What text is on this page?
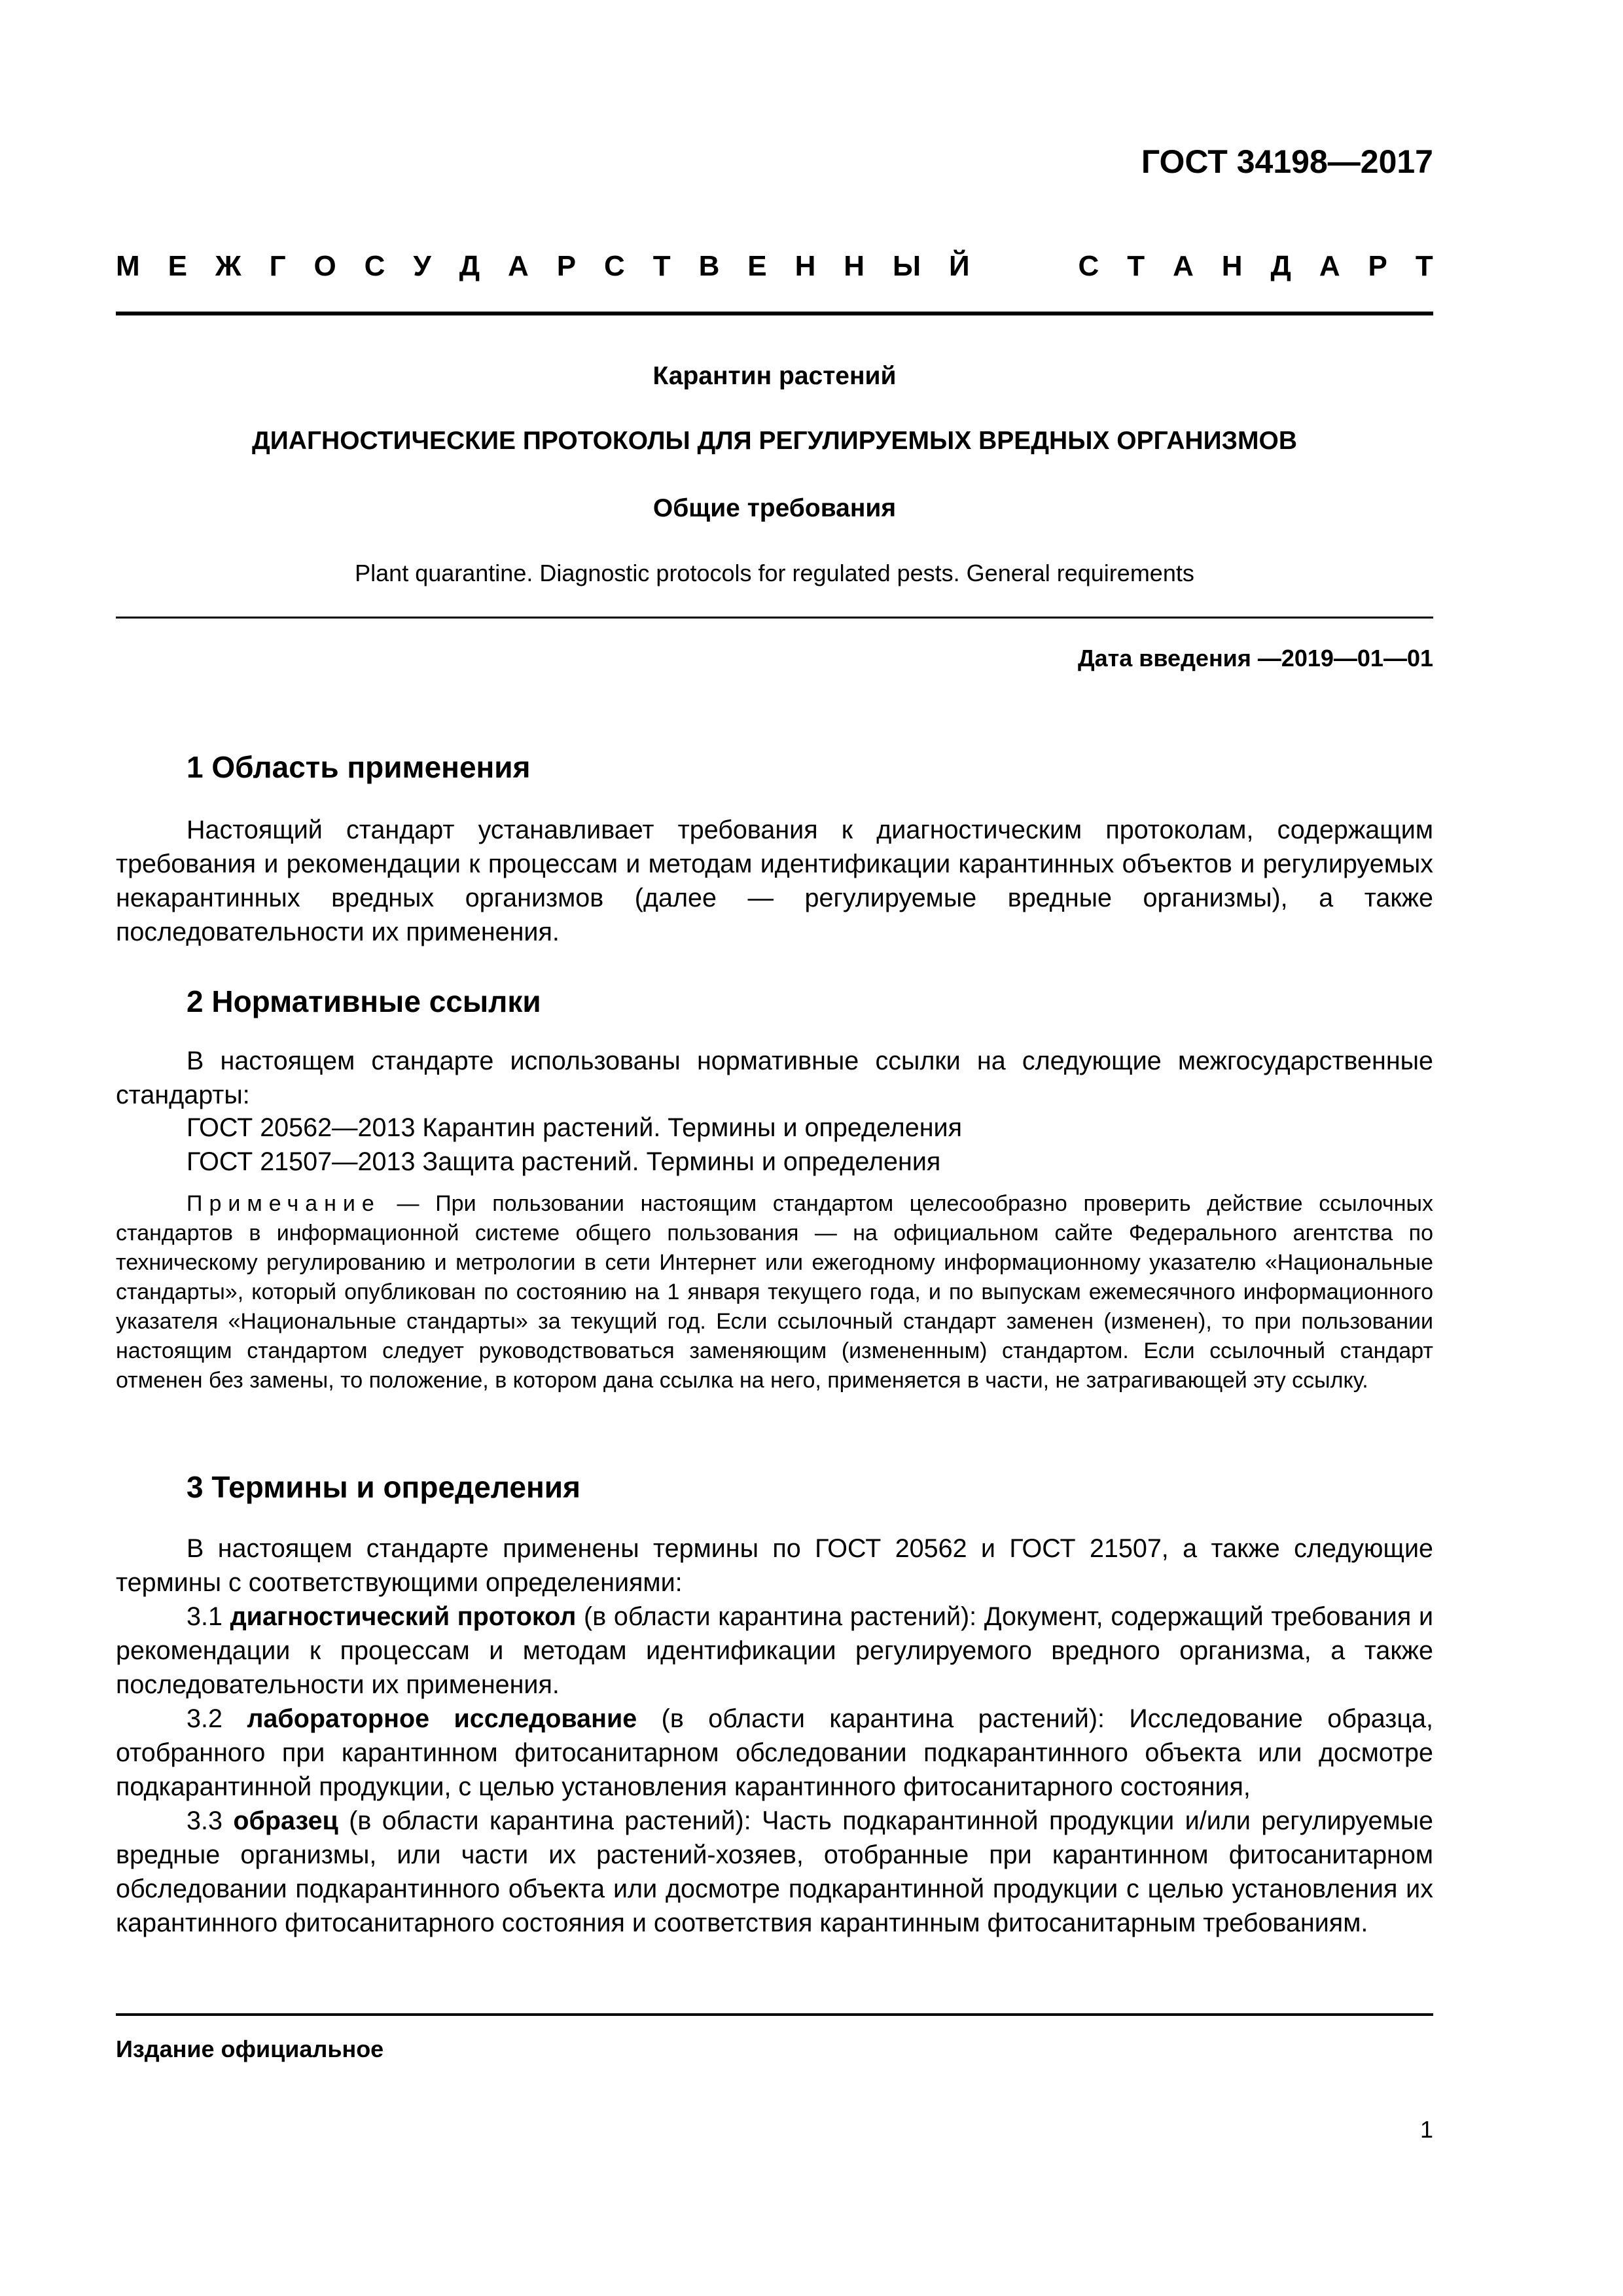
ГОСТ 34198—2017
М Е Ж Г О С У Д А Р С Т В Е Н Н Ы Й	С Т А Н Д А Р Т
Карантин растений
ДИАГНОСТИЧЕСКИЕ ПРОТОКОЛЫ ДЛЯ РЕГУЛИРУЕМЫХ ВРЕДНЫХ ОРГАНИЗМОВ
Общие требования
Plant quarantine. Diagnostic protocols for regulated pests. General requirements
Дата введения —2019—01—01
1 Область применения

Настоящий стандарт устанавливает требования к диагностическим протоколам, содержащим требования и рекомендации к процессам и методам идентификации карантинных объектов и регулируемых некарантинных вредных организмов (далее — регулируемые вредные организмы), а также последовательности их применения.

2 Нормативные ссылки

В настоящем стандарте использованы нормативные ссылки на следующие межгосударственные стандарты:

ГОСТ 20562—2013 Карантин растений. Термины и определения
ГОСТ 21507—2013 Защита растений. Термины и определения

Примечание — При пользовании настоящим стандартом целесообразно проверить действие ссылочных стандартов в информационной системе общего пользования — на официальном сайте Федерального агентства по техническому регулированию и метрологии в сети Интернет или ежегодному информационному указателю «Национальные стандарты», который опубликован по состоянию на 1 января текущего года, и по выпускам ежемесячного информационного указателя «Национальные стандарты» за текущий год. Если ссылочный стандарт заменен (изменен), то при пользовании настоящим стандартом следует руководствоваться заменяющим (измененным) стандартом. Если ссылочный стандарт отменен без замены, то положение, в котором дана ссылка на него, применяется в части, не затрагивающей эту ссылку.

3 Термины и определения

В настоящем стандарте применены термины по ГОСТ 20562 и ГОСТ 21507, а также следующие термины с соответствующими определениями:

3.1 диагностический протокол (в области карантина растений): Документ, содержащий требования и рекомендации к процессам и методам идентификации регулируемого вредного организма, а также последовательности их применения.

3.2 лабораторное исследование (в области карантина растений): Исследование образца, отобранного при карантинном фитосанитарном обследовании подкарантинного объекта или досмотре подкарантинной продукции, с целью установления карантинного фитосанитарного состояния,

3.3 образец (в области карантина растений): Часть подкарантинной продукции и/или регулируемые вредные организмы, или части их растений-хозяев, отобранные при карантинном фитосанитарном обследовании подкарантинного объекта или досмотре подкарантинной продукции с целью установления их карантинного фитосанитарного состояния и соответствия карантинным фитосанитарным требованиям.

Издание официальное
1
